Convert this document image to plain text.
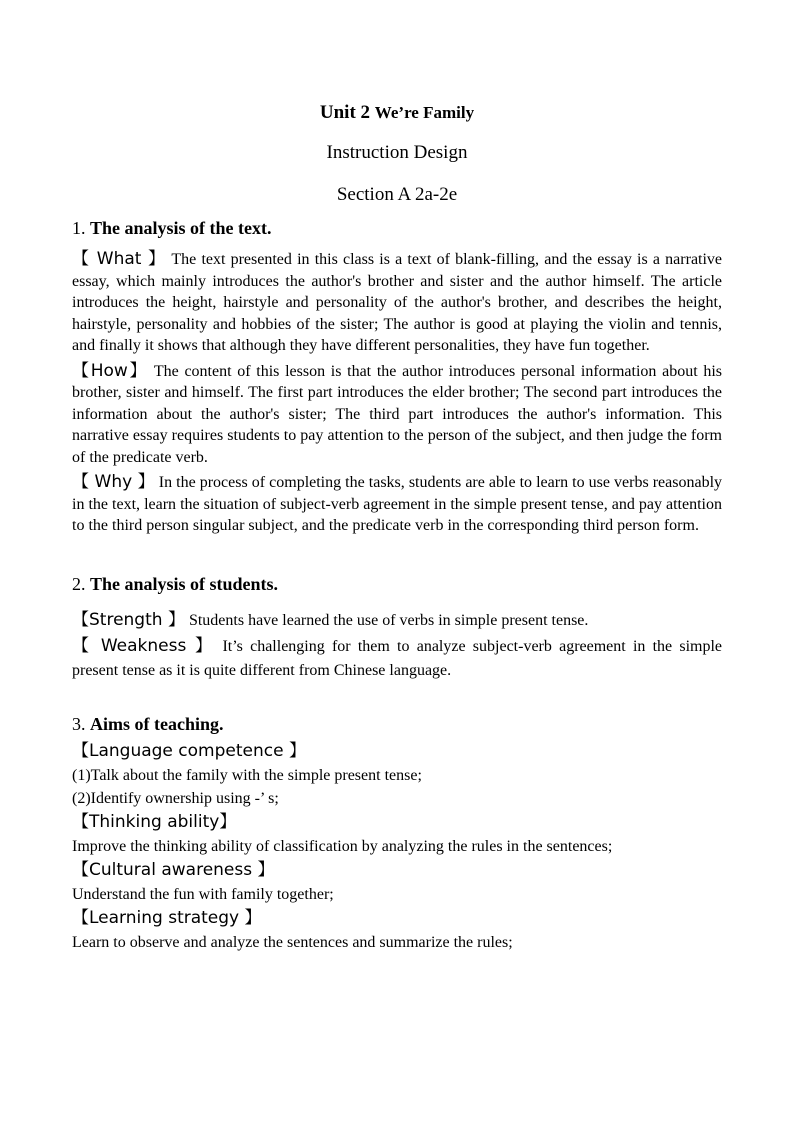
Unit 2 We’re Family

Instruction Design

Section A 2a-2e

1. The analysis of the text.

【 What 】 The text presented in this class is a text of blank-filling, and the essay is a narrative essay, which mainly introduces the author's brother and sister and the author himself. The article introduces the height, hairstyle and personality of the author's brother, and describes the height, hairstyle, personality and hobbies of the sister; The author is good at playing the violin and tennis, and finally it shows that although they have different personalities, they have fun together.

【How】 The content of this lesson is that the author introduces personal information about his brother, sister and himself. The first part introduces the elder brother; The second part introduces the information about the author's sister; The third part introduces the author's information. This narrative essay requires students to pay attention to the person of the subject, and then judge the form of the predicate verb.

【 Why 】 In the process of completing the tasks, students are able to learn to use verbs reasonably in the text, learn the situation of subject-verb agreement in the simple present tense, and pay attention to the third person singular subject, and the predicate verb in the corresponding third person form.

2. The analysis of students.

【Strength 】 Students have learned the use of verbs in simple present tense.

【 Weakness 】 It’s challenging for them to analyze subject-verb agreement in the simple present tense as it is quite different from Chinese language.

3. Aims of teaching.

【Language competence 】

(1)Talk about the family with the simple present tense;

(2)Identify ownership using -’ s;

【Thinking ability】

Improve the thinking ability of classification by analyzing the rules in the sentences;

【Cultural awareness 】

Understand the fun with family together;

【Learning strategy 】

Learn to observe and analyze the sentences and summarize the rules;
